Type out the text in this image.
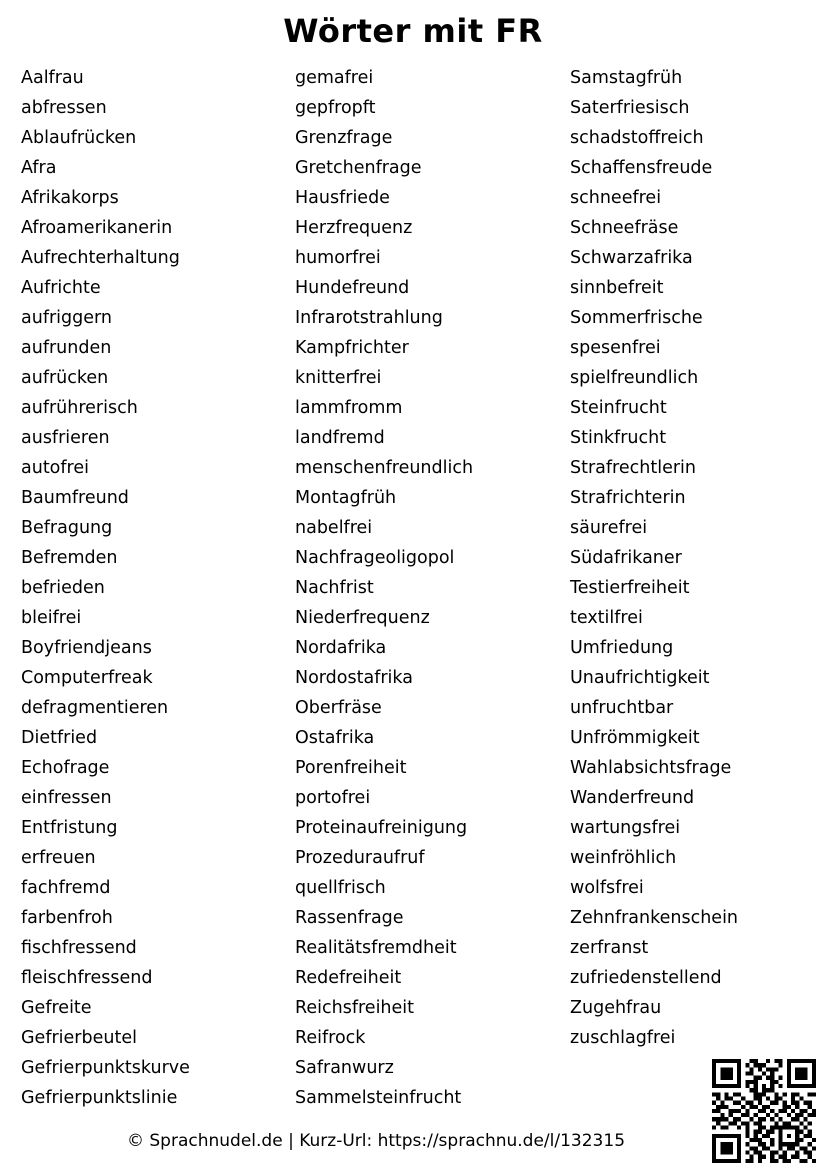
Wörter mit FR
Aalfrau
abfressen
Ablaufrücken
Afra
Afrikakorps
Afroamerikanerin
Aufrechterhaltung
Aufrichte
aufriggern
aufrunden
aufrücken
aufrührerisch
ausfrieren
autofrei
Baumfreund
Befragung
Befremden
befrieden
bleifrei
Boyfriendjeans
Computerfreak
defragmentieren
Dietfried
Echofrage
einfressen
Entfristung
erfreuen
fachfremd
farbenfroh
fischfressend
fleischfressend
Gefreite
Gefrierbeutel
Gefrierpunktskurve
Gefrierpunktslinie
gemafrei
gepfropft
Grenzfrage
Gretchenfrage
Hausfriede
Herzfrequenz
humorfrei
Hundefreund
Infrarotstrahlung
Kampfrichter
knitterfrei
lammfromm
landfremd
menschenfreundlich
Montagfrüh
nabelfrei
Nachfrageoligopol
Nachfrist
Niederfrequenz
Nordafrika
Nordostafrika
Oberfräse
Ostafrika
Porenfreiheit
portofrei
Proteinaufreinigung
Prozeduraufruf
quellfrisch
Rassenfrage
Realitätsfremdheit
Redefreiheit
Reichsfreiheit
Reifrock
Safranwurz
Sammelsteinfrucht
Samstagfrüh
Saterfriesisch
schadstoffreich
Schaffensfreude
schneefrei
Schneefräse
Schwarzafrika
sinnbefreit
Sommerfrische
spesenfrei
spielfreundlich
Steinfrucht
Stinkfrucht
Strafrechtlerin
Strafrichterin
säurefrei
Südafrikaner
Testierfreiheit
textilfrei
Umfriedung
Unaufrichtigkeit
unfruchtbar
Unfrömmigkeit
Wahlabsichtsfrage
Wanderfreund
wartungsfrei
weinfröhlich
wolfsfrei
Zehnfrankenschein
zerfranst
zufriedenstellend
Zugehfrau
zuschlagfrei
© Sprachnudel.de | Kurz-Url: https://sprachnu.de/l/132315
